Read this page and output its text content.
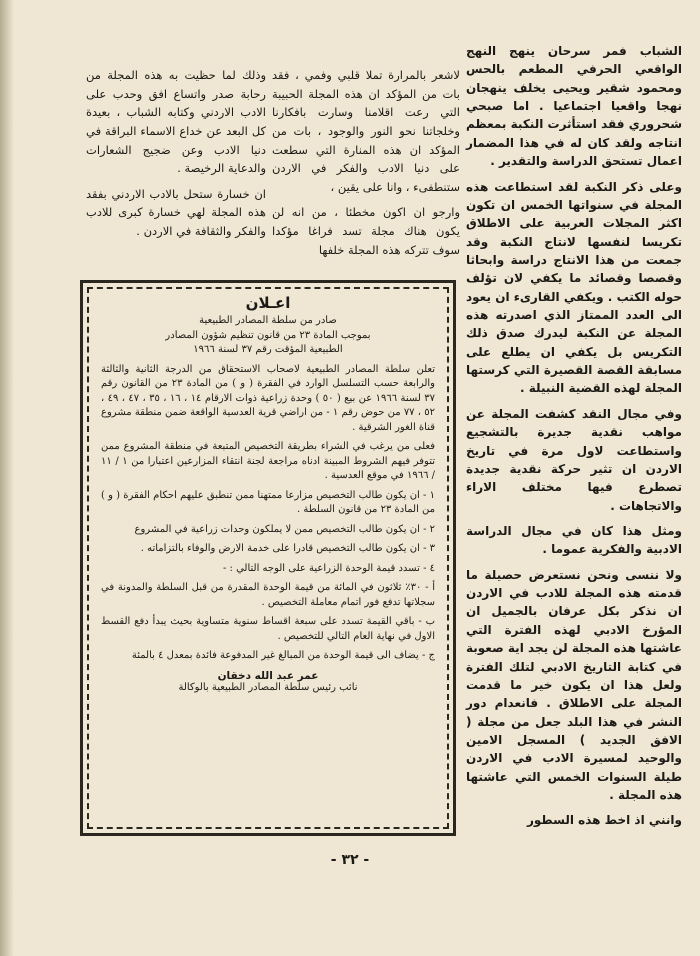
الشباب فمر سرحان ينهج النهج الواقعي الحرفي المطعم بالحس ومحمود شقير ويحيى يخلف ينهجان نهجا واقعيا اجتماعيا . اما صبحي شحروري فقد استأثرت النكبة بمعظم انتاجه ولقد كان له في هذا المضمار اعمال تستحق الدراسة والتقدير .

وعلى ذكر النكبة لقد استطاعت هذه المجلة في سنواتها الخمس ان تكون اكثر المجلات العربية على الاطلاق تكريسا لنفسها لانتاج النكبة وقد جمعت من هذا الانتاج دراسة وابحاثا وقصصا وقصائد ما يكفي لان تؤلف حوله الكتب . ويكفي القارىء ان يعود الى العدد الممتاز الذي اصدرته هذه المجلة عن النكبة ليدرك صدق ذلك التكريس بل يكفي ان يطلع على مسابقة القصة القصيرة التي كرستها المجلة لهذه القضية النبيلة .

وفي مجال النقد كشفت المجلة عن مواهب نقدية جديرة بالتشجيع واستطاعت لاول مرة في تاريخ الاردن ان تثير حركة نقدية جديدة تصطرع فيها مختلف الاراء والاتجاهات .

ومثل هذا كان في مجال الدراسة الادبية والفكرية عموما .

ولا ننسى ونحن نستعرض حصيلة ما قدمته هذه المجلة للادب في الاردن ان نذكر بكل عرفان بالجميل ان المؤرخ الادبي لهذه الفترة التي عاشتها هذه المجلة لن يجد اية صعوبة في كتابة التاريخ الادبي لتلك الفترة ولعل هذا ان يكون خير ما قدمت المجلة على الاطلاق . فانعدام دور النشر في هذا البلد جعل من مجلة ( الافق الجديد ) المسجل الامين والوحيد لمسيرة الادب في الاردن طيلة السنوات الخمس التي عاشتها هذه المجلة .

وانني اذ اخط هذه السطور

لاشعر بالمرارة تملا قلبي وفمي ، فقد بات من المؤكد ان هذه المجلة الحبيبة التي رعت اقلامنا وسارت بافكارنا وخلجاتنا نحو النور والوجود ، بات من المؤكد ان هذه المنارة التي سطعت على دنيا الادب والفكر في الاردن ستنطفىء ، وانا على يقين ،

وارجو ان اكون مخطئا ، من انه لن يكون هناك مجلة تسد فراغا مؤكدا سوف تتركه هذه المجلة خلفها

وذلك لما حظيت به هذه المجلة من رحابة صدر واتساع افق وحدب على الادب الاردني وكتابه الشباب ، بعيدة كل البعد عن خداع الاسماء البراقة في دنيا الادب وعن ضجيج الشعارات والدعاية الرخيصة .

ان خسارة ستحل بالادب الاردني بفقد هذه المجلة لهي خسارة كبرى للادب والفكر والثقافة في الاردن .

اعـلان

صادر من سلطة المصادر الطبيعية

بموجب المادة ٢٣ من قانون تنظيم شؤون المصادر

الطبيعية المؤقت رقم ٣٧ لسنة ١٩٦٦

تعلن سلطة المصادر الطبيعية لاصحاب الاستحقاق من الدرجة الثانية والثالثة والرابعة حسب التسلسل الوارد في الفقرة ( و ) من المادة ٢٣ من القانون رقم ٣٧ لسنة ١٩٦٦ عن بيع ( ٥٠ ) وحدة زراعية ذوات الارقام ١٤ ، ١٦ ، ٣٥ ، ٤٧ ، ٤٩ ، ٥٢ ، ٧٧ من حوض رقم ١ - من اراضي قرية العدسية الواقعة ضمن منطقة مشروع قناة الغور الشرقية .

فعلى من يرغب في الشراء بطريقة التخصيص المتبعة في منطقة المشروع ممن تتوفر فيهم الشروط المبينة ادناه مراجعة لجنة انتقاء المزارعين اعتبارا من ١ / ١١ / ١٩٦٦ في موقع العدسية .

١ - ان يكون طالب التخصيص مزارعا ممتهنا ممن تنطبق عليهم احكام الفقرة ( و ) من المادة ٢٣ من قانون السلطة .

٢ - ان يكون طالب التخصيص ممن لا يملكون وحدات زراعية في المشروع

٣ - ان يكون طالب التخصيص قادرا على خدمة الارض والوفاء بالتزاماته .

٤ - تسدد قيمة الوحدة الزراعية على الوجه التالي : -

أ - ٣٠٪ ثلاثون في المائة من قيمة الوحدة المقدرة من قبل السلطة والمدونة في سجلاتها تدفع فور اتمام معاملة التخصيص .

ب - باقي القيمة تسدد على سبعة اقساط سنوية متساوية بحيث يبدأ دفع القسط الاول في نهاية العام التالي للتخصيص .

ج - يضاف الى قيمة الوحدة من المبالغ غير المدفوعة فائدة بمعدل ٤ بالمئة

عمر عبد الله دخقان

نائب رئيس سلطة المصادر الطبيعية بالوكالة

- ٣٢ -
